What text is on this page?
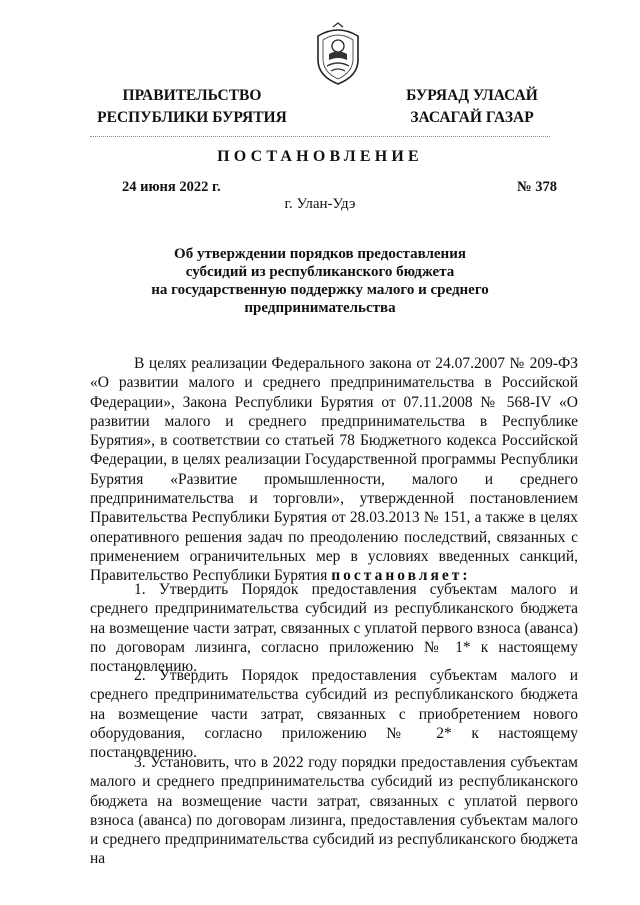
ПРАВИТЕЛЬСТВО
РЕСПУБЛИКИ БУРЯТИЯ
БУРЯАД УЛАСАЙ
ЗАСАГАЙ ГАЗАР
ПОСТАНОВЛЕНИЕ
24 июня 2022 г.	№ 378
г. Улан-Удэ
Об утверждении порядков предоставления
субсидий из республиканского бюджета
на государственную поддержку малого и среднего
предпринимательства
В целях реализации Федерального закона от 24.07.2007 № 209-ФЗ «О развитии малого и среднего предпринимательства в Российской Федерации», Закона Республики Бурятия от 07.11.2008 № 568-IV «О развитии малого и среднего предпринимательства в Республике Бурятия», в соответствии со статьей 78 Бюджетного кодекса Российской Федерации, в целях реализации Государственной программы Республики Бурятия «Развитие промышленности, малого и среднего предпринимательства и торговли», утвержденной постановлением Правительства Республики Бурятия от 28.03.2013 № 151, а также в целях оперативного решения задач по преодолению последствий, связанных с применением ограничительных мер в условиях введенных санкций, Правительство Республики Бурятия постановляет:
1. Утвердить Порядок предоставления субъектам малого и среднего предпринимательства субсидий из республиканского бюджета на возмещение части затрат, связанных с уплатой первого взноса (аванса) по договорам лизинга, согласно приложению № 1* к настоящему постановлению.
2. Утвердить Порядок предоставления субъектам малого и среднего предпринимательства субсидий из республиканского бюджета на возмещение части затрат, связанных с приобретением нового оборудования, согласно приложению № 2* к настоящему постановлению.
3. Установить, что в 2022 году порядки предоставления субъектам малого и среднего предпринимательства субсидий из республиканского бюджета на возмещение части затрат, связанных с уплатой первого взноса (аванса) по договорам лизинга, предоставления субъектам малого и среднего предпринимательства субсидий из республиканского бюджета на
